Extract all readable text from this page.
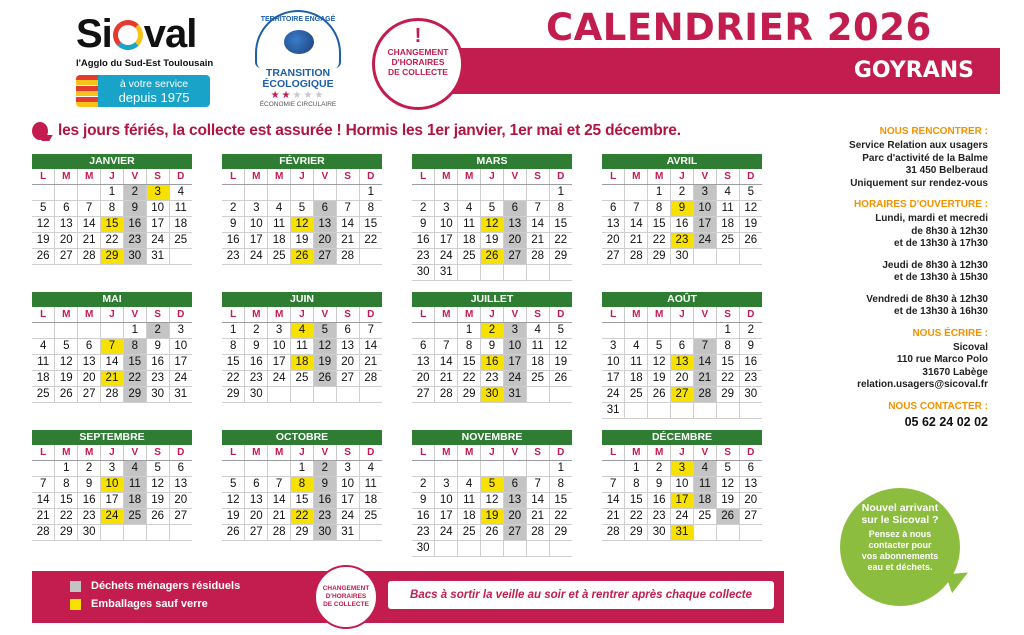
Si val
l'Agglo du Sud-Est Toulousain
à votre service
depuis 1975
TERRITOIRE ENGAGÉ
TRANSITION
ÉCOLOGIQUE
★★★★★
ÉCONOMIE CIRCULAIRE
GOYRANS
CALENDRIER 2026
!
CHANGEMENT
D'HORAIRES
DE COLLECTE
les jours fériés, la collecte est assurée ! Hormis les 1er janvier, 1er mai et 25 décembre.
JANVIER
L	M	M	J	V	S	D
			1	2	3	4
5	6	7	8	9	10	11
12	13	14	15	16	17	18
19	20	21	22	23	24	25
26	27	28	29	30	31	
FÉVRIER
L	M	M	J	V	S	D
						1
2	3	4	5	6	7	8
9	10	11	12	13	14	15
16	17	18	19	20	21	22
23	24	25	26	27	28	
MARS
L	M	M	J	V	S	D
						1
2	3	4	5	6	7	8
9	10	11	12	13	14	15
16	17	18	19	20	21	22
23	24	25	26	27	28	29
30	31					
AVRIL
L	M	M	J	V	S	D
		1	2	3	4	5
6	7	8	9	10	11	12
13	14	15	16	17	18	19
20	21	22	23	24	25	26
27	28	29	30			
MAI
L	M	M	J	V	S	D
				1	2	3
4	5	6	7	8	9	10
11	12	13	14	15	16	17
18	19	20	21	22	23	24
25	26	27	28	29	30	31
JUIN
L	M	M	J	V	S	D
1	2	3	4	5	6	7
8	9	10	11	12	13	14
15	16	17	18	19	20	21
22	23	24	25	26	27	28
29	30					
JUILLET
L	M	M	J	V	S	D
		1	2	3	4	5
6	7	8	9	10	11	12
13	14	15	16	17	18	19
20	21	22	23	24	25	26
27	28	29	30	31		
AOÛT
L	M	M	J	V	S	D
					1	2
3	4	5	6	7	8	9
10	11	12	13	14	15	16
17	18	19	20	21	22	23
24	25	26	27	28	29	30
31						
SEPTEMBRE
L	M	M	J	V	S	D
	1	2	3	4	5	6
7	8	9	10	11	12	13
14	15	16	17	18	19	20
21	22	23	24	25	26	27
28	29	30				
OCTOBRE
L	M	M	J	V	S	D
			1	2	3	4
5	6	7	8	9	10	11
12	13	14	15	16	17	18
19	20	21	22	23	24	25
26	27	28	29	30	31	
NOVEMBRE
L	M	M	J	V	S	D
						1
2	3	4	5	6	7	8
9	10	11	12	13	14	15
16	17	18	19	20	21	22
23	24	25	26	27	28	29
30						
DÉCEMBRE
L	M	M	J	V	S	D
	1	2	3	4	5	6
7	8	9	10	11	12	13
14	15	16	17	18	19	20
21	22	23	24	25	26	27
28	29	30	31			
NOUS RENCONTRER :
Service Relation aux usagers
Parc d'activité de la Balme
31 450 Belberaud
Uniquement sur rendez-vous
HORAIRES D'OUVERTURE :
Lundi, mardi et mecredi
de 8h30 à 12h30
et de 13h30 à 17h30
Jeudi de 8h30 à 12h30
et de 13h30 à 15h30
Vendredi de 8h30 à 12h30
et de 13h30 à 16h30
NOUS ÉCRIRE :
Sicoval
110 rue Marco Polo
31670 Labège
relation.usagers@sicoval.fr
NOUS CONTACTER :
05 62 24 02 02
Nouvel arrivant
sur le Sicoval ?
Pensez à nous
contacter pour
vos abonnements
eau et déchets.
Déchets ménagers résiduels
Emballages sauf verre
CHANGEMENT
D'HORAIRES
DE COLLECTE
Bacs à sortir la veille au soir et à rentrer après chaque collecte
